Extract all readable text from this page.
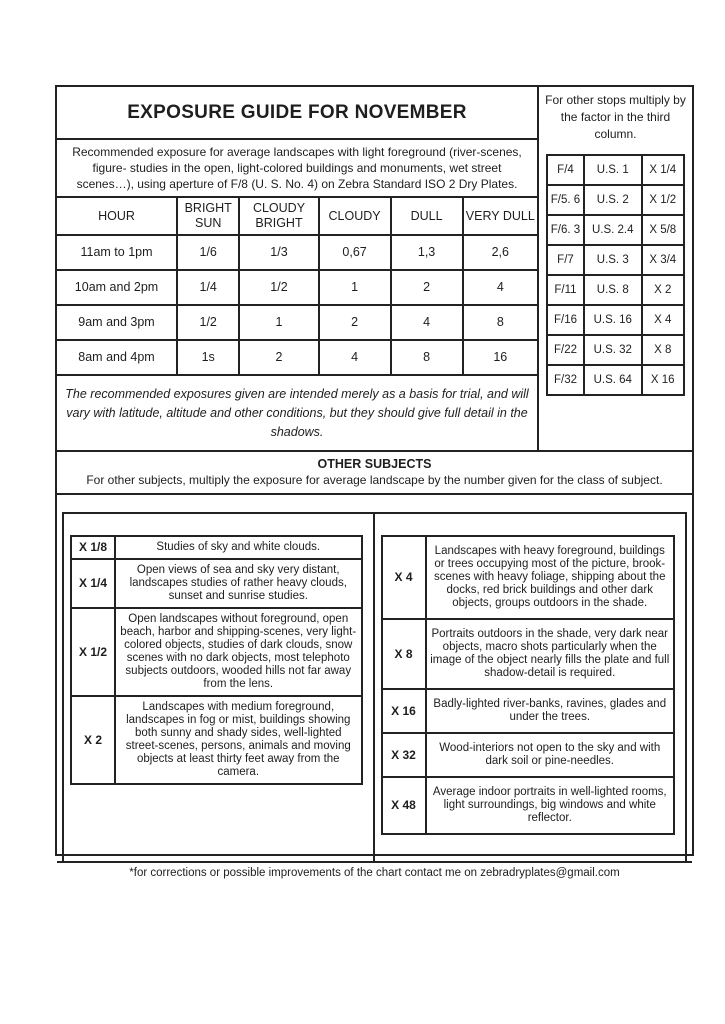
EXPOSURE GUIDE FOR NOVEMBER
Recommended exposure for average landscapes with light foreground (river-scenes, figure- studies in the open, light-colored buildings and monuments, wet street scenes…), using aperture of F/8 (U. S. No. 4) on Zebra Standard ISO 2 Dry Plates.
HOUR	BRIGHT SUN	CLOUDY BRIGHT	CLOUDY	DULL	VERY DULL
11am to 1pm	1/6	1/3	0,67	1,3	2,6
10am and 2pm	1/4	1/2	1	2	4
9am and 3pm	1/2	1	2	4	8
8am and 4pm	1s	2	4	8	16
The recommended exposures given are intended merely as a basis for trial, and will vary with latitude, altitude and other conditions, but they should give full detail in the shadows.
For other stops multiply by the factor in the third column.
F/4	U.S. 1	X 1/4
F/5. 6	U.S. 2	X 1/2
F/6. 3	U.S. 2.4	X 5/8
F/7	U.S. 3	X 3/4
F/11	U.S. 8	X 2
F/16	U.S. 16	X 4
F/22	U.S. 32	X 8
F/32	U.S. 64	X 16
OTHER SUBJECTS
For other subjects, multiply the exposure for average landscape by the number given for the class of subject.
X 1/8	Studies of sky and white clouds.
X 1/4	Open views of sea and sky very distant, landscapes studies of rather heavy clouds, sunset and sunrise studies.
X 1/2	Open landscapes without foreground, open beach, harbor and shipping-scenes, very light-colored objects, studies of dark clouds, snow scenes with no dark objects, most telephoto subjects outdoors, wooded hills not far away from the lens.
X 2	Landscapes with medium foreground, landscapes in fog or mist, buildings showing both sunny and shady sides, well-lighted street-scenes, persons, animals and moving objects at least thirty feet away from the camera.
X 4	Landscapes with heavy foreground, buildings or trees occupying most of the picture, brook-scenes with heavy foliage, shipping about the docks, red brick buildings and other dark objects, groups outdoors in the shade.
X 8	Portraits outdoors in the shade, very dark near objects, macro shots particularly when the image of the object nearly fills the plate and full shadow-detail is required.
X 16	Badly-lighted river-banks, ravines, glades and under the trees.
X 32	Wood-interiors not open to the sky and with dark soil or pine-needles.
X 48	Average indoor portraits in well-lighted rooms, light surroundings, big windows and white reflector.
*for corrections or possible improvements of the chart contact me on zebradryplates@gmail.com
